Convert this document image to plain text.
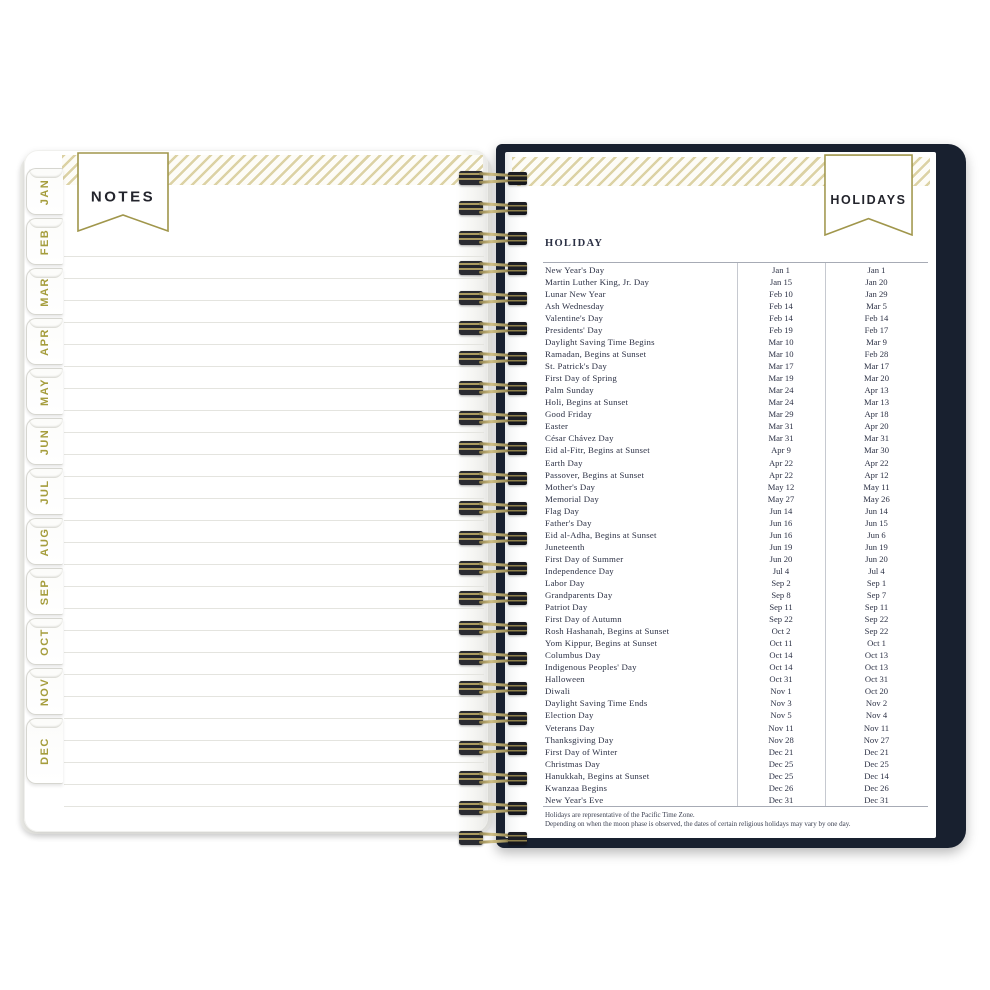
NOTES
JAN
FEB
MAR
APR
MAY
JUN
JUL
AUG
SEP
OCT
NOV
DEC
HOLIDAYS
HOLIDAY
New Year's Day	Jan 1	Jan 1
Martin Luther King, Jr. Day	Jan 15	Jan 20
Lunar New Year	Feb 10	Jan 29
Ash Wednesday	Feb 14	Mar 5
Valentine's Day	Feb 14	Feb 14
Presidents' Day	Feb 19	Feb 17
Daylight Saving Time Begins	Mar 10	Mar 9
Ramadan, Begins at Sunset	Mar 10	Feb 28
St. Patrick's Day	Mar 17	Mar 17
First Day of Spring	Mar 19	Mar 20
Palm Sunday	Mar 24	Apr 13
Holi, Begins at Sunset	Mar 24	Mar 13
Good Friday	Mar 29	Apr 18
Easter	Mar 31	Apr 20
César Chávez Day	Mar 31	Mar 31
Eid al-Fitr, Begins at Sunset	Apr 9	Mar 30
Earth Day	Apr 22	Apr 22
Passover, Begins at Sunset	Apr 22	Apr 12
Mother's Day	May 12	May 11
Memorial Day	May 27	May 26
Flag Day	Jun 14	Jun 14
Father's Day	Jun 16	Jun 15
Eid al-Adha, Begins at Sunset	Jun 16	Jun 6
Juneteenth	Jun 19	Jun 19
First Day of Summer	Jun 20	Jun 20
Independence Day	Jul 4	Jul 4
Labor Day	Sep 2	Sep 1
Grandparents Day	Sep 8	Sep 7
Patriot Day	Sep 11	Sep 11
First Day of Autumn	Sep 22	Sep 22
Rosh Hashanah, Begins at Sunset	Oct 2	Sep 22
Yom Kippur, Begins at Sunset	Oct 11	Oct 1
Columbus Day	Oct 14	Oct 13
Indigenous Peoples' Day	Oct 14	Oct 13
Halloween	Oct 31	Oct 31
Diwali	Nov 1	Oct 20
Daylight Saving Time Ends	Nov 3	Nov 2
Election Day	Nov 5	Nov 4
Veterans Day	Nov 11	Nov 11
Thanksgiving Day	Nov 28	Nov 27
First Day of Winter	Dec 21	Dec 21
Christmas Day	Dec 25	Dec 25
Hanukkah, Begins at Sunset	Dec 25	Dec 14
Kwanzaa Begins	Dec 26	Dec 26
New Year's Eve	Dec 31	Dec 31
Holidays are representative of the Pacific Time Zone.
Depending on when the moon phase is observed, the dates of certain religious holidays may vary by one day.
